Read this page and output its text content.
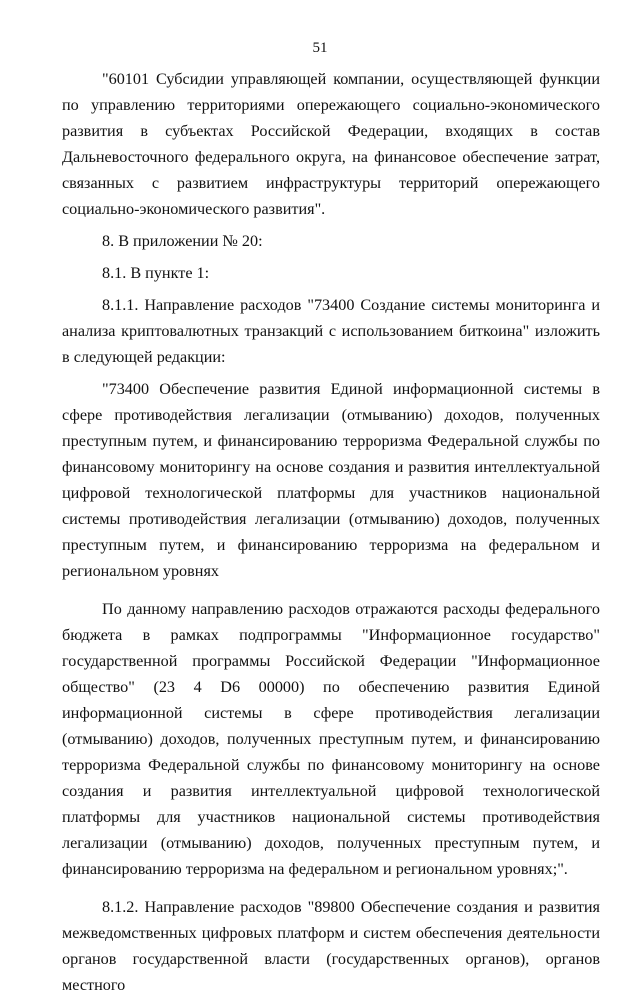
51

"60101 Субсидии управляющей компании, осуществляющей функции по управлению территориями опережающего социально-экономического развития в субъектах Российской Федерации, входящих в состав Дальневосточного федерального округа, на финансовое обеспечение затрат, связанных с развитием инфраструктуры территорий опережающего социально-экономического развития".

8. В приложении № 20:

8.1. В пункте 1:

8.1.1. Направление расходов "73400 Создание системы мониторинга и анализа криптовалютных транзакций с использованием биткоина" изложить в следующей редакции:

"73400 Обеспечение развития Единой информационной системы в сфере противодействия легализации (отмыванию) доходов, полученных преступным путем, и финансированию терроризма Федеральной службы по финансовому мониторингу на основе создания и развития интеллектуальной цифровой технологической платформы для участников национальной системы противодействия легализации (отмыванию) доходов, полученных преступным путем, и финансированию терроризма на федеральном и региональном уровнях

По данному направлению расходов отражаются расходы федерального бюджета в рамках подпрограммы "Информационное государство" государственной программы Российской Федерации "Информационное общество" (23 4 D6 00000) по обеспечению развития Единой информационной системы в сфере противодействия легализации (отмыванию) доходов, полученных преступным путем, и финансированию терроризма Федеральной службы по финансовому мониторингу на основе создания и развития интеллектуальной цифровой технологической платформы для участников национальной системы противодействия легализации (отмыванию) доходов, полученных преступным путем, и финансированию терроризма на федеральном и региональном уровнях;".

8.1.2. Направление расходов "89800 Обеспечение создания и развития межведомственных цифровых платформ и систем обеспечения деятельности органов государственной власти (государственных органов), органов местного
